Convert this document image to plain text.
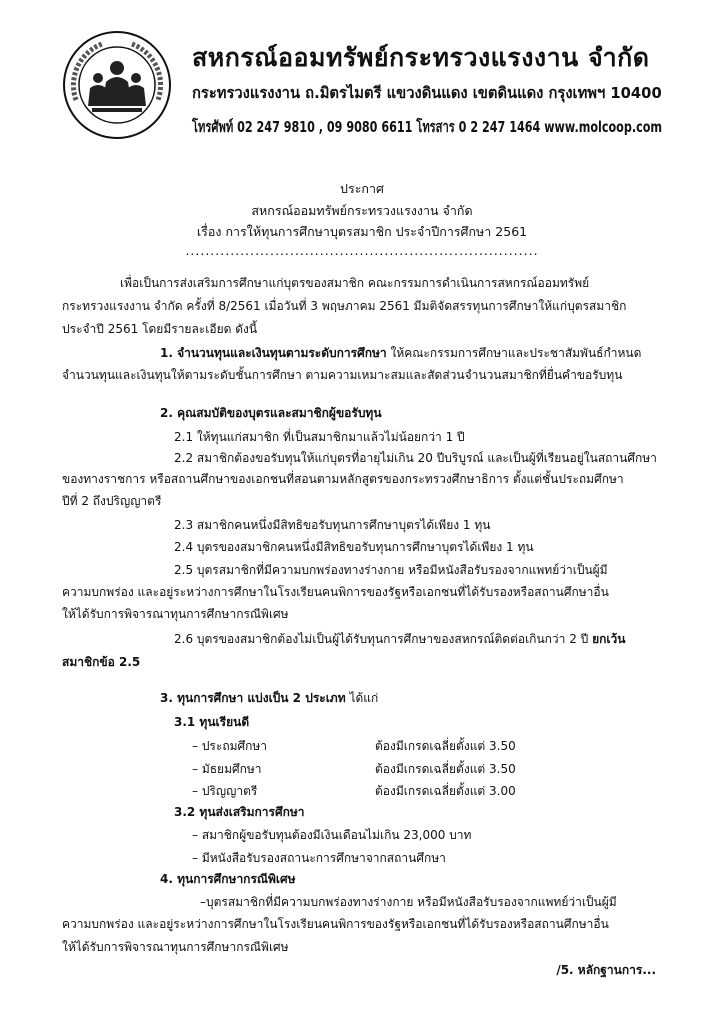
สหกรณ์ออมทรัพย์กระทรวงแรงงาน จำกัด
กระทรวงแรงงาน ถ.มิตรไมตรี แขวงดินแดง เขตดินแดง กรุงเทพฯ 10400
โทรศัพท์ 02 247 9810 , 09 9080 6611 โทรสาร 0 2 247 1464 www.molcoop.com
ประกาศ
สหกรณ์ออมทรัพย์กระทรวงแรงงาน จำกัด
เรื่อง การให้ทุนการศึกษาบุตรสมาชิก ประจำปีการศึกษา 2561
.......................................................................
เพื่อเป็นการส่งเสริมการศึกษาแก่บุตรของสมาชิก คณะกรรมการดำเนินการสหกรณ์ออมทรัพย์
กระทรวงแรงงาน จำกัด ครั้งที่ 8/2561 เมื่อวันที่ 3 พฤษภาคม 2561 มีมติจัดสรรทุนการศึกษาให้แก่บุตรสมาชิก
ประจำปี 2561 โดยมีรายละเอียด ดังนี้
1. จำนวนทุนและเงินทุนตามระดับการศึกษา ให้คณะกรรมการศึกษาและประชาสัมพันธ์กำหนด
จำนวนทุนและเงินทุนให้ตามระดับชั้นการศึกษา ตามความเหมาะสมและสัดส่วนจำนวนสมาชิกที่ยื่นคำขอรับทุน
2. คุณสมบัติของบุตรและสมาชิกผู้ขอรับทุน
2.1 ให้ทุนแก่สมาชิก ที่เป็นสมาชิกมาแล้วไม่น้อยกว่า 1 ปี
2.2 สมาชิกต้องขอรับทุนให้แก่บุตรที่อายุไม่เกิน 20 ปีบริบูรณ์ และเป็นผู้ที่เรียนอยู่ในสถานศึกษา
ของทางราชการ หรือสถานศึกษาของเอกชนที่สอนตามหลักสูตรของกระทรวงศึกษาธิการ ตั้งแต่ชั้นประถมศึกษา
ปีที่ 2 ถึงปริญญาตรี
2.3 สมาชิกคนหนึ่งมีสิทธิขอรับทุนการศึกษาบุตรได้เพียง 1 ทุน
2.4 บุตรของสมาชิกคนหนึ่งมีสิทธิขอรับทุนการศึกษาบุตรได้เพียง 1 ทุน
2.5 บุตรสมาชิกที่มีความบกพร่องทางร่างกาย หรือมีหนังสือรับรองจากแพทย์ว่าเป็นผู้มี
ความบกพร่อง และอยู่ระหว่างการศึกษาในโรงเรียนคนพิการของรัฐหรือเอกชนที่ได้รับรองหรือสถานศึกษาอื่น
ให้ได้รับการพิจารณาทุนการศึกษากรณีพิเศษ
2.6 บุตรของสมาชิกต้องไม่เป็นผู้ได้รับทุนการศึกษาของสหกรณ์ติดต่อเกินกว่า 2 ปี ยกเว้น
สมาชิกข้อ 2.5
3. ทุนการศึกษา แบ่งเป็น 2 ประเภท ได้แก่
3.1 ทุนเรียนดี
– ประถมศึกษา	ต้องมีเกรดเฉลี่ยตั้งแต่ 3.50
– มัธยมศึกษา	ต้องมีเกรดเฉลี่ยตั้งแต่ 3.50
– ปริญญาตรี	ต้องมีเกรดเฉลี่ยตั้งแต่ 3.00
3.2 ทุนส่งเสริมการศึกษา
– สมาชิกผู้ขอรับทุนต้องมีเงินเดือนไม่เกิน 23,000 บาท
– มีหนังสือรับรองสถานะการศึกษาจากสถานศึกษา
4. ทุนการศึกษากรณีพิเศษ
–บุตรสมาชิกที่มีความบกพร่องทางร่างกาย หรือมีหนังสือรับรองจากแพทย์ว่าเป็นผู้มี
ความบกพร่อง และอยู่ระหว่างการศึกษาในโรงเรียนคนพิการของรัฐหรือเอกชนที่ได้รับรองหรือสถานศึกษาอื่น
ให้ได้รับการพิจารณาทุนการศึกษากรณีพิเศษ
/5. หลักฐานการ...
